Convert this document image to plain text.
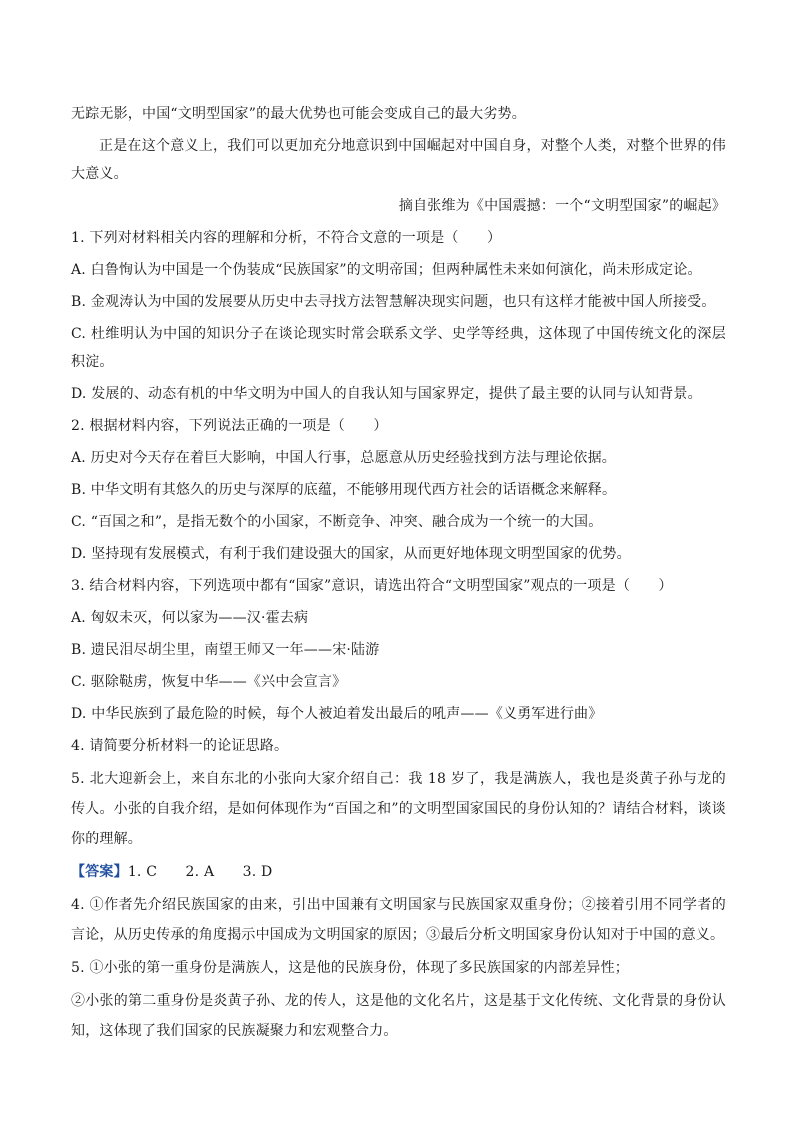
无踪无影，中国“文明型国家”的最大优势也可能会变成自己的最大劣势。

正是在这个意义上，我们可以更加充分地意识到中国崛起对中国自身，对整个人类，对整个世界的伟大意义。

摘自张维为《中国震撼：一个“文明型国家”的崛起》

1. 下列对材料相关内容的理解和分析，不符合文意的一项是（　　）

A. 白鲁恂认为中国是一个伪装成“民族国家”的文明帝国；但两种属性未来如何演化，尚未形成定论。

B. 金观涛认为中国的发展要从历史中去寻找方法智慧解决现实问题，也只有这样才能被中国人所接受。

C. 杜维明认为中国的知识分子在谈论现实时常会联系文学、史学等经典，这体现了中国传统文化的深层积淀。

D. 发展的、动态有机的中华文明为中国人的自我认知与国家界定，提供了最主要的认同与认知背景。

2. 根据材料内容，下列说法正确的一项是（　　）

A. 历史对今天存在着巨大影响，中国人行事，总愿意从历史经验找到方法与理论依据。

B. 中华文明有其悠久的历史与深厚的底蕴，不能够用现代西方社会的话语概念来解释。

C. “百国之和”，是指无数个的小国家，不断竞争、冲突、融合成为一个统一的大国。

D. 坚持现有发展模式，有利于我们建设强大的国家，从而更好地体现文明型国家的优势。

3. 结合材料内容，下列选项中都有“国家”意识，请选出符合“文明型国家”观点的一项是（　　）

A. 匈奴未灭，何以家为——汉·霍去病

B. 遗民泪尽胡尘里，南望王师又一年——宋·陆游

C. 驱除鞑虏，恢复中华——《兴中会宣言》

D. 中华民族到了最危险的时候，每个人被迫着发出最后的吼声——《义勇军进行曲》

4. 请简要分析材料一的论证思路。

5. 北大迎新会上，来自东北的小张向大家介绍自己：我 18 岁了，我是满族人，我也是炎黄子孙与龙的传人。小张的自我介绍，是如何体现作为“百国之和”的文明型国家国民的身份认知的？请结合材料，谈谈你的理解。

【答案】1. C　　2. A　　3. D

4. ①作者先介绍民族国家的由来，引出中国兼有文明国家与民族国家双重身份；②接着引用不同学者的言论，从历史传承的角度揭示中国成为文明国家的原因；③最后分析文明国家身份认知对于中国的意义。

5. ①小张的第一重身份是满族人，这是他的民族身份，体现了多民族国家的内部差异性；

②小张的第二重身份是炎黄子孙、龙的传人，这是他的文化名片，这是基于文化传统、文化背景的身份认知，这体现了我们国家的民族凝聚力和宏观整合力。
